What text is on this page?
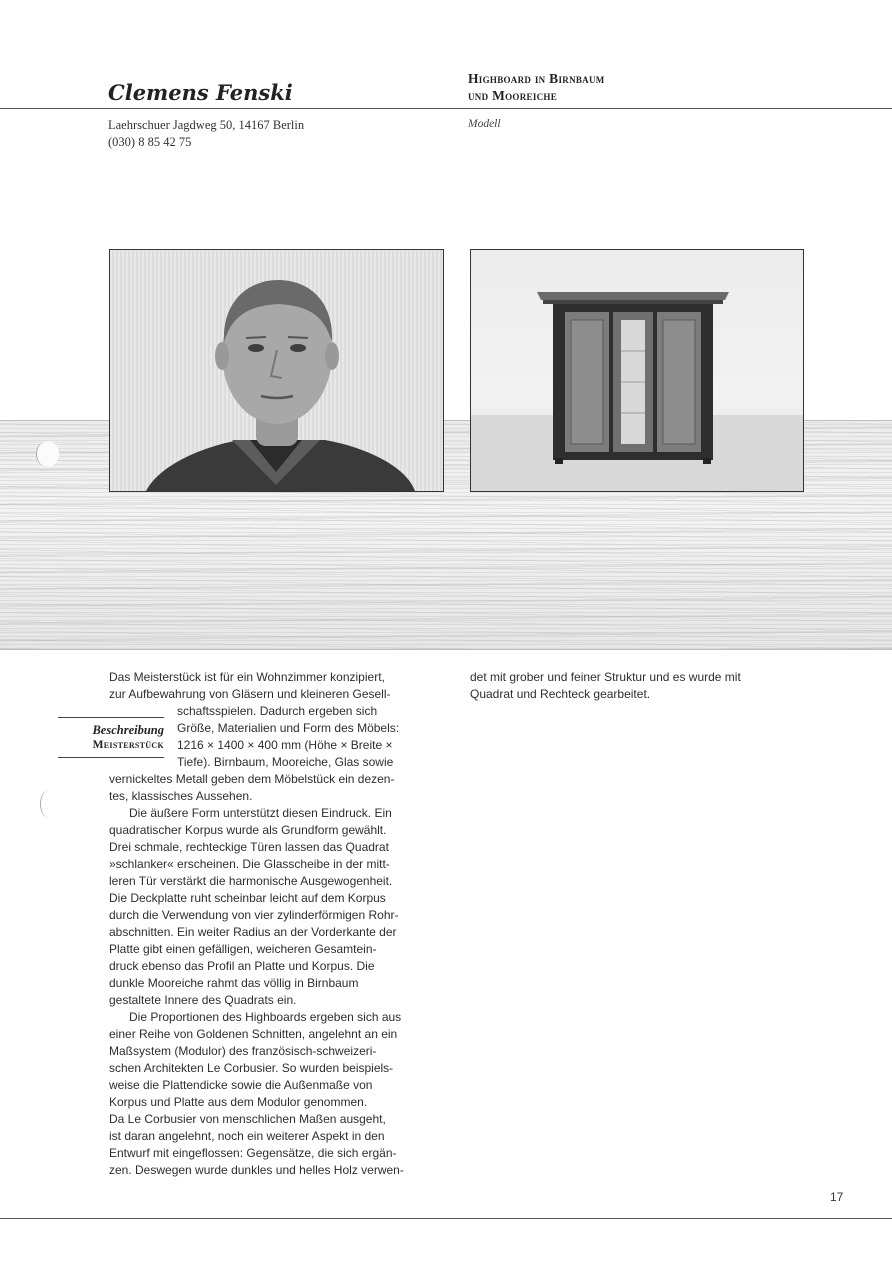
Clemens Fenski
Highboard in Birnbaum
und Mooreiche
Laehrschuer Jagdweg 50, 14167 Berlin
(030) 8 85 42 75
Modell
Das Meisterstück ist für ein Wohnzimmer konzipiert,
zur Aufbewahrung von Gläsern und kleineren Gesell-
Beschreibung
Meisterstück
schaftsspielen. Dadurch ergeben sich
Größe, Materialien und Form des Möbels:
1216 × 1400 × 400 mm (Höhe × Breite ×
Tiefe). Birnbaum, Mooreiche, Glas sowie
vernickeltes Metall geben dem Möbelstück ein dezen-
tes, klassisches Aussehen.
Die äußere Form unterstützt diesen Eindruck. Ein
quadratischer Korpus wurde als Grundform gewählt.
Drei schmale, rechteckige Türen lassen das Quadrat
»schlanker« erscheinen. Die Glasscheibe in der mitt-
leren Tür verstärkt die harmonische Ausgewogenheit.
Die Deckplatte ruht scheinbar leicht auf dem Korpus
durch die Verwendung von vier zylinderförmigen Rohr-
abschnitten. Ein weiter Radius an der Vorderkante der
Platte gibt einen gefälligen, weicheren Gesamtein-
druck ebenso das Profil an Platte und Korpus. Die
dunkle Mooreiche rahmt das völlig in Birnbaum
gestaltete Innere des Quadrats ein.
Die Proportionen des Highboards ergeben sich aus
einer Reihe von Goldenen Schnitten, angelehnt an ein
Maßsystem (Modulor) des französisch-schweizeri-
schen Architekten Le Corbusier. So wurden beispiels-
weise die Plattendicke sowie die Außenmaße von
Korpus und Platte aus dem Modulor genommen.
Da Le Corbusier von menschlichen Maßen ausgeht,
ist daran angelehnt, noch ein weiterer Aspekt in den
Entwurf mit eingeflossen: Gegensätze, die sich ergän-
zen. Deswegen wurde dunkles und helles Holz verwen-
det mit grober und feiner Struktur und es wurde mit
Quadrat und Rechteck gearbeitet.
17
